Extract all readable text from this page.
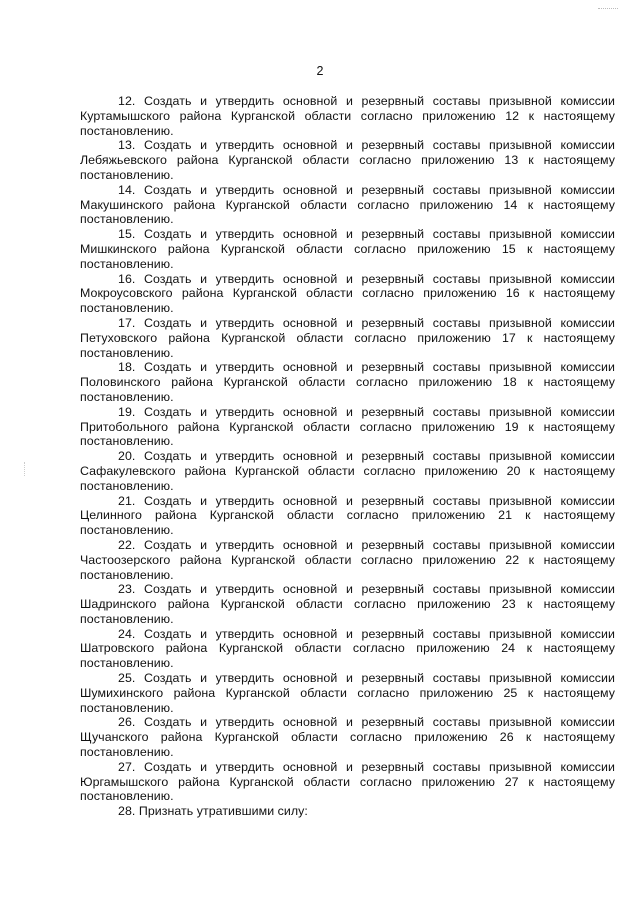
2

12. Создать и утвердить основной и резервный составы призывной комиссии Куртамышского района Курганской области согласно приложению 12 к настоящему постановлению.

13. Создать и утвердить основной и резервный составы призывной комиссии Лебяжьевского района Курганской области согласно приложению 13 к настоящему постановлению.

14. Создать и утвердить основной и резервный составы призывной комиссии Макушинского района Курганской области согласно приложению 14 к настоящему постановлению.

15. Создать и утвердить основной и резервный составы призывной комиссии Мишкинского района Курганской области согласно приложению 15 к настоящему постановлению.

16. Создать и утвердить основной и резервный составы призывной комиссии Мокроусовского района Курганской области согласно приложению 16 к настоящему постановлению.

17. Создать и утвердить основной и резервный составы призывной комиссии Петуховского района Курганской области согласно приложению 17 к настоящему постановлению.

18. Создать и утвердить основной и резервный составы призывной комиссии Половинского района Курганской области согласно приложению 18 к настоящему постановлению.

19. Создать и утвердить основной и резервный составы призывной комиссии Притобольного района Курганской области согласно приложению 19 к настоящему постановлению.

20. Создать и утвердить основной и резервный составы призывной комиссии Сафакулевского района Курганской области согласно приложению 20 к настоящему постановлению.

21. Создать и утвердить основной и резервный составы призывной комиссии Целинного района Курганской области согласно приложению 21 к настоящему постановлению.

22. Создать и утвердить основной и резервный составы призывной комиссии Частоозерского района Курганской области согласно приложению 22 к настоящему постановлению.

23. Создать и утвердить основной и резервный составы призывной комиссии Шадринского района Курганской области согласно приложению 23 к настоящему постановлению.

24. Создать и утвердить основной и резервный составы призывной комиссии Шатровского района Курганской области согласно приложению 24 к настоящему постановлению.

25. Создать и утвердить основной и резервный составы призывной комиссии Шумихинского района Курганской области согласно приложению 25 к настоящему постановлению.

26. Создать и утвердить основной и резервный составы призывной комиссии Щучанского района Курганской области согласно приложению 26 к настоящему постановлению.

27. Создать и утвердить основной и резервный составы призывной комиссии Юргамышского района Курганской области согласно приложению 27 к настоящему постановлению.

28. Признать утратившими силу:
